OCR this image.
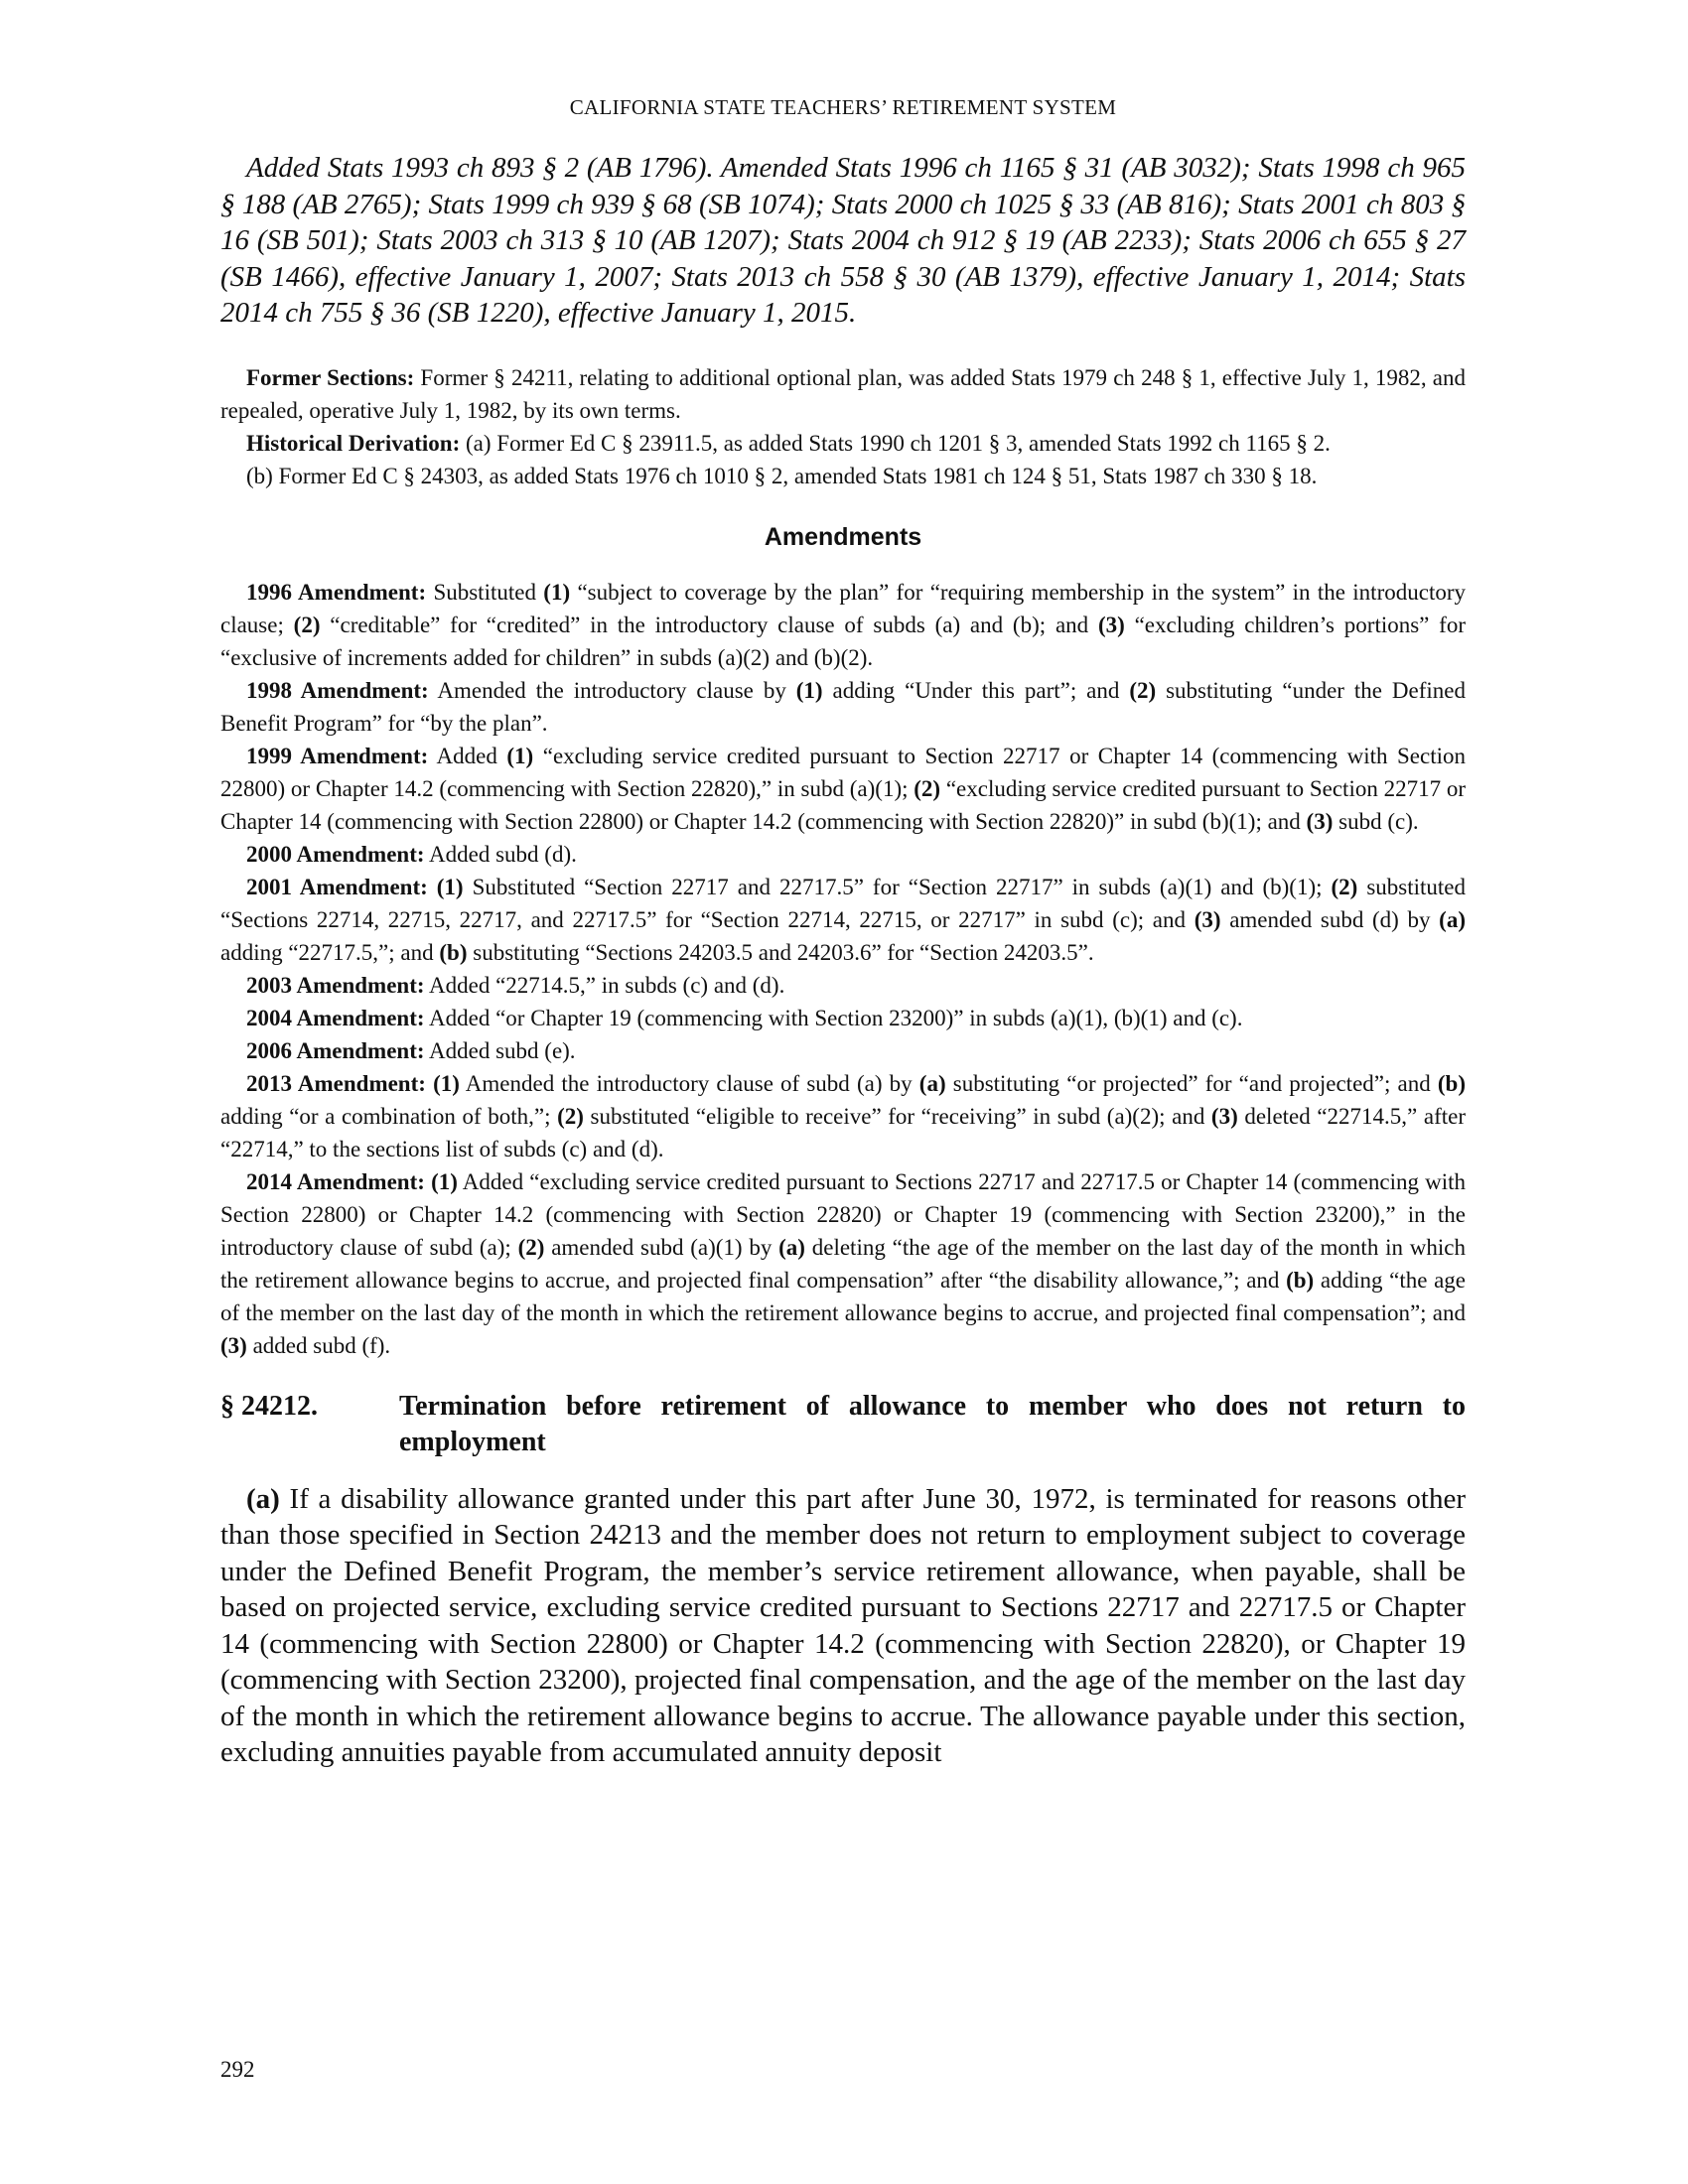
CALIFORNIA STATE TEACHERS’ RETIREMENT SYSTEM

Added Stats 1993 ch 893 § 2 (AB 1796). Amended Stats 1996 ch 1165 § 31 (AB 3032); Stats 1998 ch 965 § 188 (AB 2765); Stats 1999 ch 939 § 68 (SB 1074); Stats 2000 ch 1025 § 33 (AB 816); Stats 2001 ch 803 § 16 (SB 501); Stats 2003 ch 313 § 10 (AB 1207); Stats 2004 ch 912 § 19 (AB 2233); Stats 2006 ch 655 § 27 (SB 1466), effective January 1, 2007; Stats 2013 ch 558 § 30 (AB 1379), effective January 1, 2014; Stats 2014 ch 755 § 36 (SB 1220), effective January 1, 2015.

Former Sections: Former § 24211, relating to additional optional plan, was added Stats 1979 ch 248 § 1, effective July 1, 1982, and repealed, operative July 1, 1982, by its own terms.

Historical Derivation: (a) Former Ed C § 23911.5, as added Stats 1990 ch 1201 § 3, amended Stats 1992 ch 1165 § 2.

(b) Former Ed C § 24303, as added Stats 1976 ch 1010 § 2, amended Stats 1981 ch 124 § 51, Stats 1987 ch 330 § 18.

Amendments

1996 Amendment: Substituted (1) “subject to coverage by the plan” for “requiring membership in the system” in the introductory clause; (2) “creditable” for “credited” in the introductory clause of subds (a) and (b); and (3) “excluding children’s portions” for “exclusive of increments added for children” in subds (a)(2) and (b)(2).

1998 Amendment: Amended the introductory clause by (1) adding “Under this part”; and (2) substituting “under the Defined Benefit Program” for “by the plan”.

1999 Amendment: Added (1) “excluding service credited pursuant to Section 22717 or Chapter 14 (commencing with Section 22800) or Chapter 14.2 (commencing with Section 22820),” in subd (a)(1); (2) “excluding service credited pursuant to Section 22717 or Chapter 14 (commencing with Section 22800) or Chapter 14.2 (commencing with Section 22820)” in subd (b)(1); and (3) subd (c).

2000 Amendment: Added subd (d).

2001 Amendment: (1) Substituted “Section 22717 and 22717.5” for “Section 22717” in subds (a)(1) and (b)(1); (2) substituted “Sections 22714, 22715, 22717, and 22717.5” for “Section 22714, 22715, or 22717” in subd (c); and (3) amended subd (d) by (a) adding “22717.5,”; and (b) substituting “Sections 24203.5 and 24203.6” for “Section 24203.5”.

2003 Amendment: Added “22714.5,” in subds (c) and (d).

2004 Amendment: Added “or Chapter 19 (commencing with Section 23200)” in subds (a)(1), (b)(1) and (c).

2006 Amendment: Added subd (e).

2013 Amendment: (1) Amended the introductory clause of subd (a) by (a) substituting “or projected” for “and projected”; and (b) adding “or a combination of both,”; (2) substituted “eligible to receive” for “receiving” in subd (a)(2); and (3) deleted “22714.5,” after “22714,” to the sections list of subds (c) and (d).

2014 Amendment: (1) Added “excluding service credited pursuant to Sections 22717 and 22717.5 or Chapter 14 (commencing with Section 22800) or Chapter 14.2 (commencing with Section 22820) or Chapter 19 (commencing with Section 23200),” in the introductory clause of subd (a); (2) amended subd (a)(1) by (a) deleting “the age of the member on the last day of the month in which the retirement allowance begins to accrue, and projected final compensation” after “the disability allowance,”; and (b) adding “the age of the member on the last day of the month in which the retirement allowance begins to accrue, and projected final compensation”; and (3) added subd (f).

§ 24212.	Termination before retirement of allowance to member who does not return to employment

(a) If a disability allowance granted under this part after June 30, 1972, is terminated for reasons other than those specified in Section 24213 and the member does not return to employment subject to coverage under the Defined Benefit Program, the member’s service retirement allowance, when payable, shall be based on projected service, excluding service credited pursuant to Sections 22717 and 22717.5 or Chapter 14 (commencing with Section 22800) or Chapter 14.2 (commencing with Section 22820), or Chapter 19 (commencing with Section 23200), projected final compensation, and the age of the member on the last day of the month in which the retirement allowance begins to accrue. The allowance payable under this section, excluding annuities payable from accumulated annuity deposit

292
